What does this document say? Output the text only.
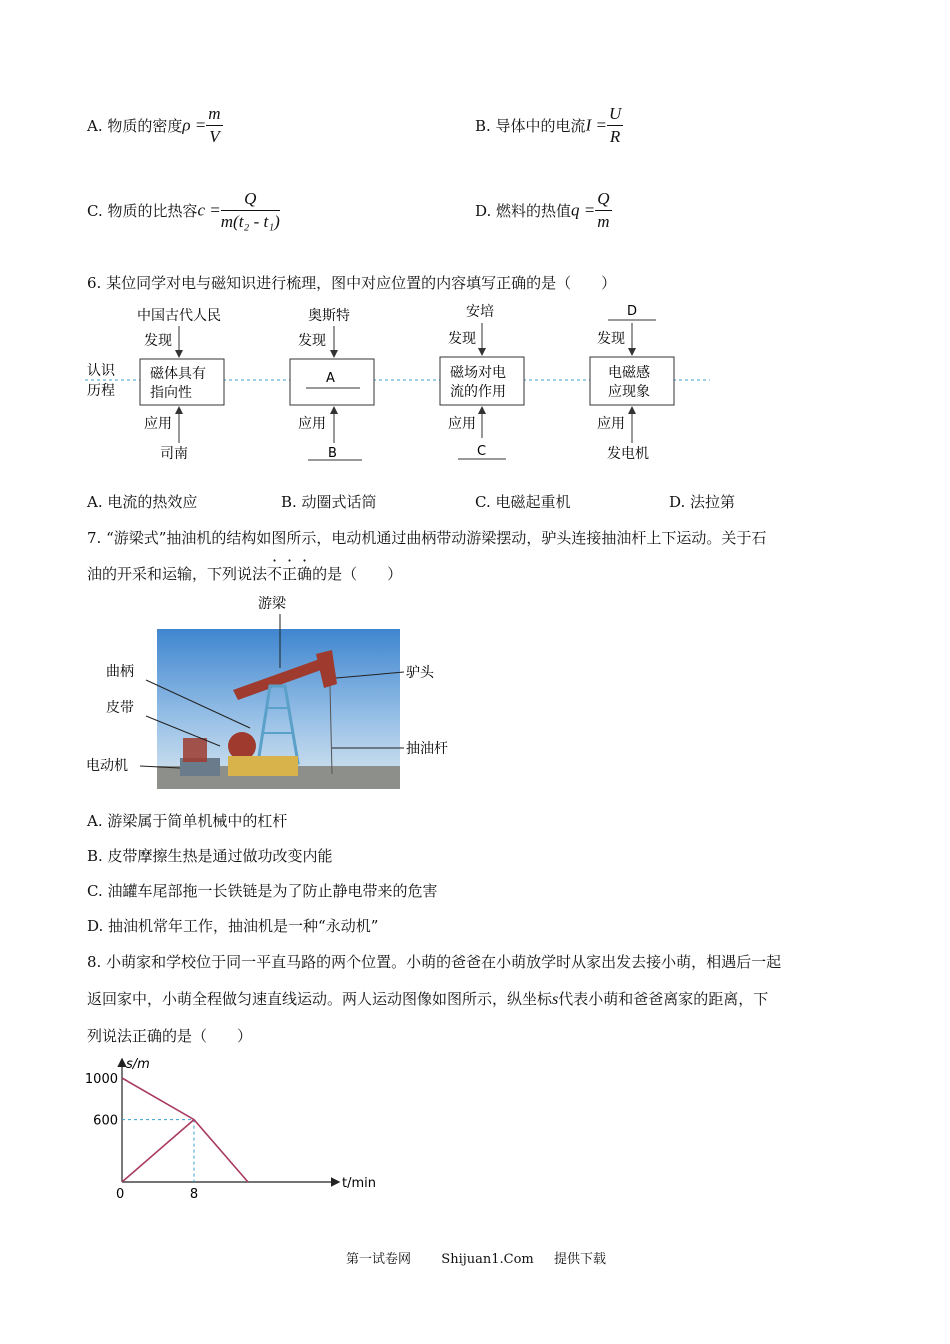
A. 物质的密度$\rho = \frac{m}{V}$	B. 导体中的电流$I = \frac{U}{R}$
C. 物质的比热容$c = \frac{Q}{\text{m(t₂ - t₁)}}$	D. 燃料的热值$q = \frac{Q}{m}$
6. 某位同学对电与磁知识进行梳理，图中对应位置的内容填写正确的是（　　）
认识
历程
中国古代人民
发现
磁体具有
指向性
应用
司南
奥斯特
发现
A
应用
B
安培
发现
磁场对电
流的作用
应用
C
D
发现
电磁感
应现象
应用
发电机
A. 电流的热效应	B. 动圈式话筒	C. 电磁起重机	D. 法拉第
7. “游梁式”抽油机的结构如图所示，电动机通过曲柄带动游梁摆动，驴头连接抽油杆上下运动。关于石
油的开采和运输，下列说法不正确的是（　　）
游梁
曲柄
皮带
电动机
驴头
抽油杆
A. 游梁属于简单机械中的杠杆
B. 皮带摩擦生热是通过做功改变内能
C. 油罐车尾部拖一长铁链是为了防止静电带来的危害
D. 抽油机常年工作，抽油机是一种“永动机”
8. 小萌家和学校位于同一平直马路的两个位置。小萌的爸爸在小萌放学时从家出发去接小萌，相遇后一起
返回家中，小萌全程做匀速直线运动。两人运动图像如图所示，纵坐标s代表小萌和爸爸离家的距离，下
列说法正确的是（　　）
s/m
t/min
0	8
600
1000
第一试卷网 Shijuan1.Com 提供下载
